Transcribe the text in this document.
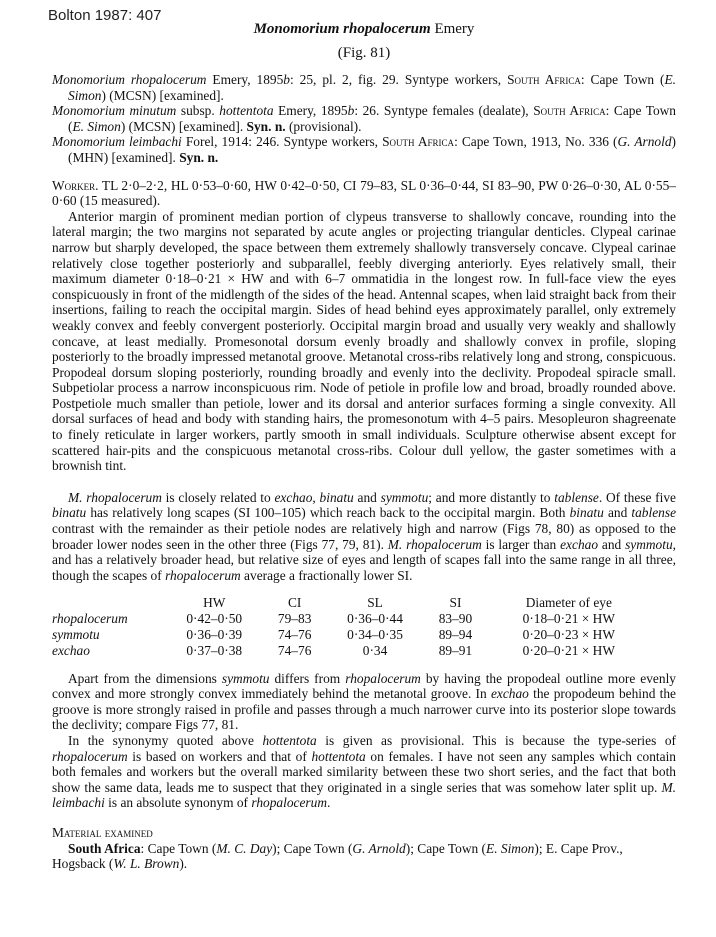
Bolton 1987: 407

Monomorium rhopalocerum Emery

(Fig. 81)

Monomorium rhopalocerum Emery, 1895b: 25, pl. 2, fig. 29. Syntype workers, South Africa: Cape Town (E. Simon) (MCSN) [examined].

Monomorium minutum subsp. hottentota Emery, 1895b: 26. Syntype females (dealate), South Africa: Cape Town (E. Simon) (MCSN) [examined]. Syn. n. (provisional).

Monomorium leimbachi Forel, 1914: 246. Syntype workers, South Africa: Cape Town, 1913, No. 336 (G. Arnold) (MHN) [examined]. Syn. n.

Worker. TL 2·0–2·2, HL 0·53–0·60, HW 0·42–0·50, CI 79–83, SL 0·36–0·44, SI 83–90, PW 0·26–0·30, AL 0·55–0·60 (15 measured).

Anterior margin of prominent median portion of clypeus transverse to shallowly concave, rounding into the lateral margin; the two margins not separated by acute angles or projecting triangular denticles. Clypeal carinae narrow but sharply developed, the space between them extremely shallowly transversely concave. Clypeal carinae relatively close together posteriorly and subparallel, feebly diverging anteriorly. Eyes relatively small, their maximum diameter 0·18–0·21 × HW and with 6–7 ommatidia in the longest row. In full-face view the eyes conspicuously in front of the midlength of the sides of the head. Antennal scapes, when laid straight back from their insertions, failing to reach the occipital margin. Sides of head behind eyes approximately parallel, only extremely weakly convex and feebly convergent posteriorly. Occipital margin broad and usually very weakly and shallowly concave, at least medially. Promesonotal dorsum evenly broadly and shallowly convex in profile, sloping posteriorly to the broadly impressed metanotal groove. Metanotal cross-ribs relatively long and strong, conspicuous. Propodeal dorsum sloping posteriorly, rounding broadly and evenly into the declivity. Propodeal spiracle small. Subpetiolar process a narrow inconspicuous rim. Node of petiole in profile low and broad, broadly rounded above. Postpetiole much smaller than petiole, lower and its dorsal and anterior surfaces forming a single convexity. All dorsal surfaces of head and body with standing hairs, the promesonotum with 4–5 pairs. Mesopleuron shagreenate to finely reticulate in larger workers, partly smooth in small individuals. Sculpture otherwise absent except for scattered hair-pits and the conspicuous metanotal cross-ribs. Colour dull yellow, the gaster sometimes with a brownish tint.

M. rhopalocerum is closely related to exchao, binatu and symmotu; and more distantly to tablense. Of these five binatu has relatively long scapes (SI 100–105) which reach back to the occipital margin. Both binatu and tablense contrast with the remainder as their petiole nodes are relatively high and narrow (Figs 78, 80) as opposed to the broader lower nodes seen in the other three (Figs 77, 79, 81). M. rhopalocerum is larger than exchao and symmotu, and has a relatively broader head, but relative size of eyes and length of scapes fall into the same range in all three, though the scapes of rhopalocerum average a fractionally lower SI.

	HW	CI	SL	SI	Diameter of eye
rhopalocerum	0·42–0·50	79–83	0·36–0·44	83–90	0·18–0·21 × HW
symmotu	0·36–0·39	74–76	0·34–0·35	89–94	0·20–0·23 × HW
exchao	0·37–0·38	74–76	0·34	89–91	0·20–0·21 × HW

Apart from the dimensions symmotu differs from rhopalocerum by having the propodeal outline more evenly convex and more strongly convex immediately behind the metanotal groove. In exchao the propodeum behind the groove is more strongly raised in profile and passes through a much narrower curve into its posterior slope towards the declivity; compare Figs 77, 81.

In the synonymy quoted above hottentota is given as provisional. This is because the type-series of rhopalocerum is based on workers and that of hottentota on females. I have not seen any samples which contain both females and workers but the overall marked similarity between these two short series, and the fact that both show the same data, leads me to suspect that they originated in a single series that was somehow later split up. M. leimbachi is an absolute synonym of rhopalocerum.

Material examined

South Africa: Cape Town (M. C. Day); Cape Town (G. Arnold); Cape Town (E. Simon); E. Cape Prov., Hogsback (W. L. Brown).
